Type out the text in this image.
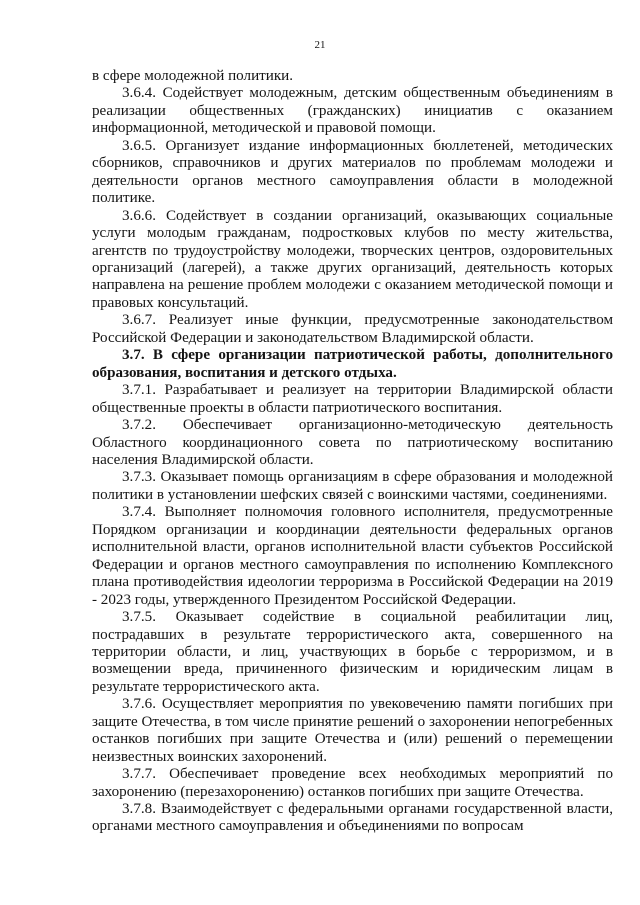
21

в сфере молодежной политики.

3.6.4. Содействует молодежным, детским общественным объединениям в реализации общественных (гражданских) инициатив с оказанием информационной, методической и правовой помощи.

3.6.5. Организует издание информационных бюллетеней, методических сборников, справочников и других материалов по проблемам молодежи и деятельности органов местного самоуправления области в молодежной политике.

3.6.6. Содействует в создании организаций, оказывающих социальные услуги молодым гражданам, подростковых клубов по месту жительства, агентств по трудоустройству молодежи, творческих центров, оздоровительных организаций (лагерей), а также других организаций, деятельность которых направлена на решение проблем молодежи с оказанием методической помощи и правовых консультаций.

3.6.7. Реализует иные функции, предусмотренные законодательством Российской Федерации и законодательством Владимирской области.

3.7. В сфере организации патриотической работы, дополнительного образования, воспитания и детского отдыха.

3.7.1. Разрабатывает и реализует на территории Владимирской области общественные проекты в области патриотического воспитания.

3.7.2. Обеспечивает организационно-методическую деятельность Областного координационного совета по патриотическому воспитанию населения Владимирской области.

3.7.3. Оказывает помощь организациям в сфере образования и молодежной политики в установлении шефских связей с воинскими частями, соединениями.

3.7.4. Выполняет полномочия головного исполнителя, предусмотренные Порядком организации и координации деятельности федеральных органов исполнительной власти, органов исполнительной власти субъектов Российской Федерации и органов местного самоуправления по исполнению Комплексного плана противодействия идеологии терроризма в Российской Федерации на 2019 - 2023 годы, утвержденного Президентом Российской Федерации.

3.7.5. Оказывает содействие в социальной реабилитации лиц, пострадавших в результате террористического акта, совершенного на территории области, и лиц, участвующих в борьбе с терроризмом, и в возмещении вреда, причиненного физическим и юридическим лицам в результате террористического акта.

3.7.6. Осуществляет мероприятия по увековечению памяти погибших при защите Отечества, в том числе принятие решений о захоронении непогребенных останков погибших при защите Отечества и (или) решений о перемещении неизвестных воинских захоронений.

3.7.7. Обеспечивает проведение всех необходимых мероприятий по захоронению (перезахоронению) останков погибших при защите Отечества.

3.7.8. Взаимодействует с федеральными органами государственной власти, органами местного самоуправления и объединениями по вопросам
